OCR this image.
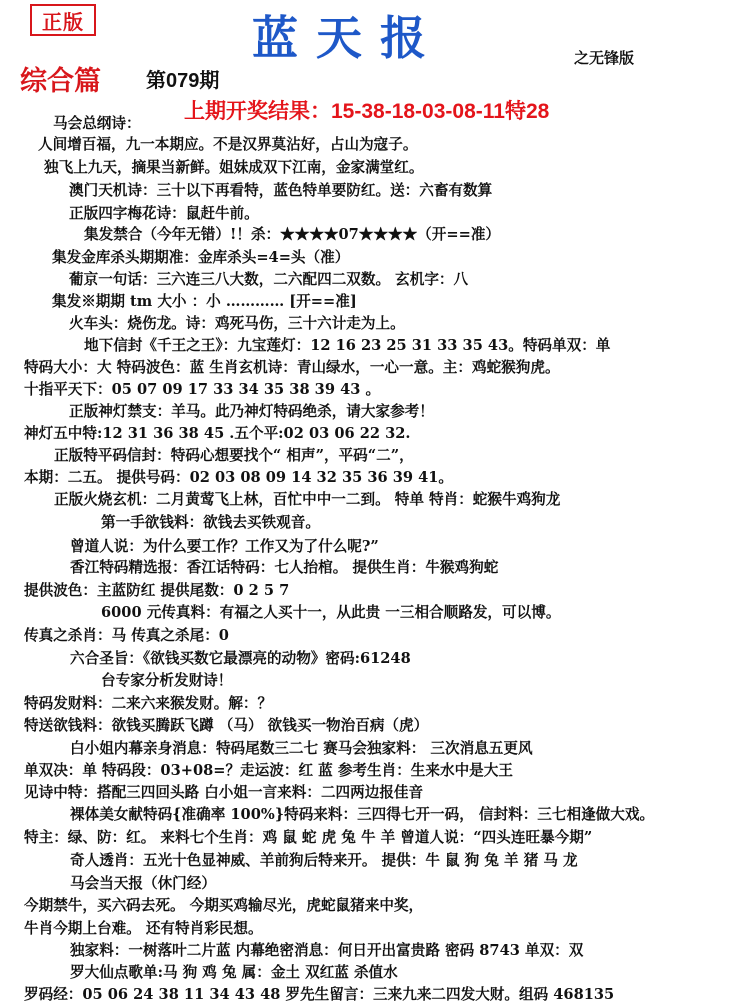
正版	蓝天报	之无锋版
综合篇 第079期
上期开奖结果：15-38-18-03-08-11特28
马会总纲诗：
人间增百福，九一本期应。不是汉界莫沾好，占山为寇子。
独飞上九天，摘果当新鲜。姐妹成双下江南，金家满堂红。
澳门天机诗：三十以下再看特，蓝色特单要防红。送：六畜有数算
正版四字梅花诗：鼠赶牛前。
集发禁合（今年无错）!！杀：★★★★07★★★★（开==准）
集发金库杀头期期准：金库杀头=4=头（准）
葡京一句话：三六连三八大数，二六配四二双数。 玄机字：八
集发※期期 tm 大小 ：小 ………… [开==准]
火车头：烧伤龙。诗：鸡死马伤，三十六计走为上。
地下信封《千王之王》：九宝莲灯：12 16 23 25 31 33 35 43。特码单双：单
特码大小：大 特码波色：蓝 生肖玄机诗：青山绿水，一心一意。主：鸡蛇猴狗虎。
十指平天下：05 07 09 17 33 34 35 38 39 43 。
正版神灯禁支：羊马。此乃神灯特码绝杀，请大家参考！
神灯五中特:12 31 36 38 45 .五个平:02 03 06 22 32.
正版特平码信封：特码心想要找个“ 相声”，平码“二”，
本期：二五。 提供号码：02 03 08 09 14 32 35 36 39 41。
正版火烧玄机：二月黄莺飞上林，百忙中中一二到。 特单 特肖：蛇猴牛鸡狗龙
第一手欲钱料：欲钱去买铁观音。
曾道人说：为什么要工作？工作又为了什么呢?”
香江特码精选报：香江话特码：七人抬棺。 提供生肖：牛猴鸡狗蛇
提供波色：主蓝防红 提供尾数：0 2 5 7
6000 元传真料：有福之人买十一，从此贵 一三相合顺路发，可以博。
传真之杀肖：马 传真之杀尾：0
六合圣旨：《欲钱买数它最漂亮的动物》密码:61248
台专家分析发财诗！
特码发财料：二来六来猴发财。解：？
特送欲钱料：欲钱买腾跃飞蹲 （马） 欲钱买一物治百病（虎）
白小姐内幕亲身消息：特码尾数三二七 赛马会独家料： 三次消息五更风
单双决：单 特码段：03+08=？走运波：红 蓝 参考生肖：生来水中是大王
见诗中特：搭配三四回头路 白小姐一言来料：二四两边报佳音
裸体美女献特码{准确率 100%}特码来料：三四得七开一码， 信封料：三七相逢做大戏。
特主：绿、防：红。 来料七个生肖：鸡 鼠 蛇 虎 兔 牛 羊 曾道人说：“四头连旺暴今期”
奇人透肖：五光十色显神威、羊前狗后特来开。 提供：牛 鼠 狗 兔 羊 猪 马 龙
马会当天报（休门经）
今期禁牛，买六码去死。 今期买鸡输尽光，虎蛇鼠猪来中奖，
牛肖今期上台难。 还有特肖彩民想。
独家料：一树落叶二片蓝 内幕绝密消息：何日开出富贵路 密码 8743 单双：双
罗大仙点歌单:马 狗 鸡 兔 属：金土 双红蓝 杀值水
罗码经：05 06 24 38 11 34 43 48 罗先生留言：三来九来二四发大财。组码 468135
